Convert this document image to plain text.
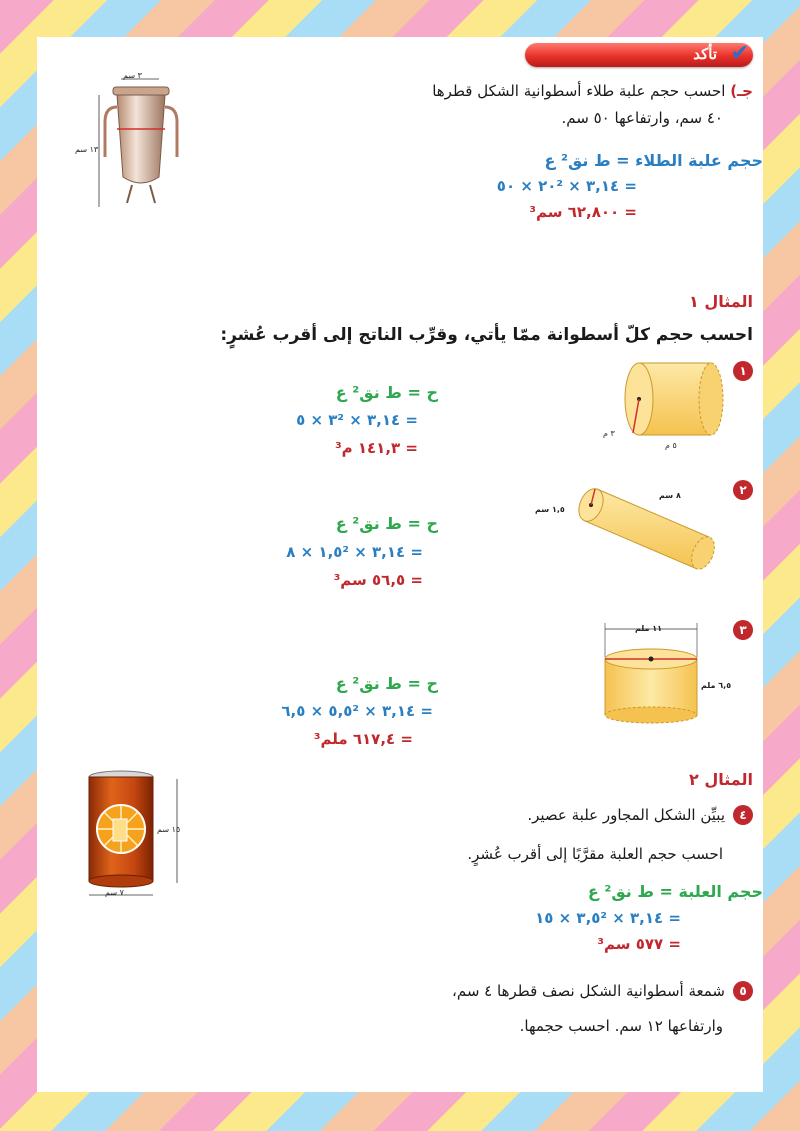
تأكد ✔
٣ سم
١٣ سم
جـ) احسب حجم علبة طلاء أسطوانية الشكل قطرها
٤٠ سم، وارتفاعها ٥٠ سم.
حجم علبة الطلاء = ط نق² ع
= ٣,١٤ × ٢٠² × ٥٠
= ٦٢,٨٠٠ سم³
المثال ١
احسب حجم كلّ أسطوانة ممّا يأتي، وقرِّب الناتج إلى أقرب عُشرٍ:
١
٣ م
٥ م
ح = ط نق² ع
= ٣,١٤ × ٣² × ٥
= ١٤١,٣ م³
٢
١,٥ سم
٨ سم
ح = ط نق² ع
= ٣,١٤ × ١,٥² × ٨
= ٥٦,٥ سم³
٣
١١ ملم
٦,٥ ملم
ح = ط نق² ع
= ٣,١٤ × ٥,٥² × ٦,٥
= ٦١٧,٤ ملم³
المثال ٢
١٥ سم
٧ سم
٤
يبيِّن الشكل المجاور علبة عصير.
احسب حجم العلبة مقرَّبًا إلى أقرب عُشرٍ.
حجم العلبة = ط نق² ع
= ٣,١٤ × ٣,٥² × ١٥
= ٥٧٧ سم³
٥
شمعة أسطوانية الشكل نصف قطرها ٤ سم،
وارتفاعها ١٢ سم. احسب حجمها.
